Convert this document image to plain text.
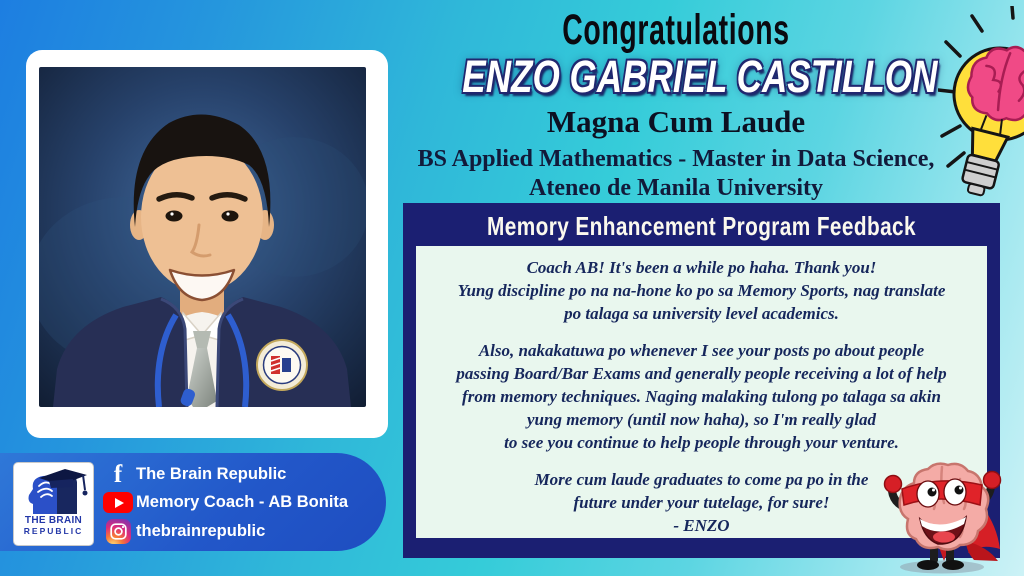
Congratulations
ENZO GABRIEL CASTILLON
Magna Cum Laude
BS Applied Mathematics - Master in Data Science,
Ateneo de Manila University
Memory Enhancement Program Feedback
Coach AB! It's been a while po haha. Thank you!
Yung discipline po na na-hone ko po sa Memory Sports, nag translate
po talaga sa university level academics.
Also, nakakatuwa po whenever I see your posts po about people
passing Board/Bar Exams and generally people receiving a lot of help
from memory techniques. Naging malaking tulong po talaga sa akin
yung memory (until now haha), so I'm really glad
to see you continue to help people through your venture.
More cum laude graduates to come pa po in the
future under your tutelage, for sure!
- ENZO
THE BRAIN
REPUBLIC
f The Brain Republic
Memory Coach - AB Bonita
thebrainrepublic
